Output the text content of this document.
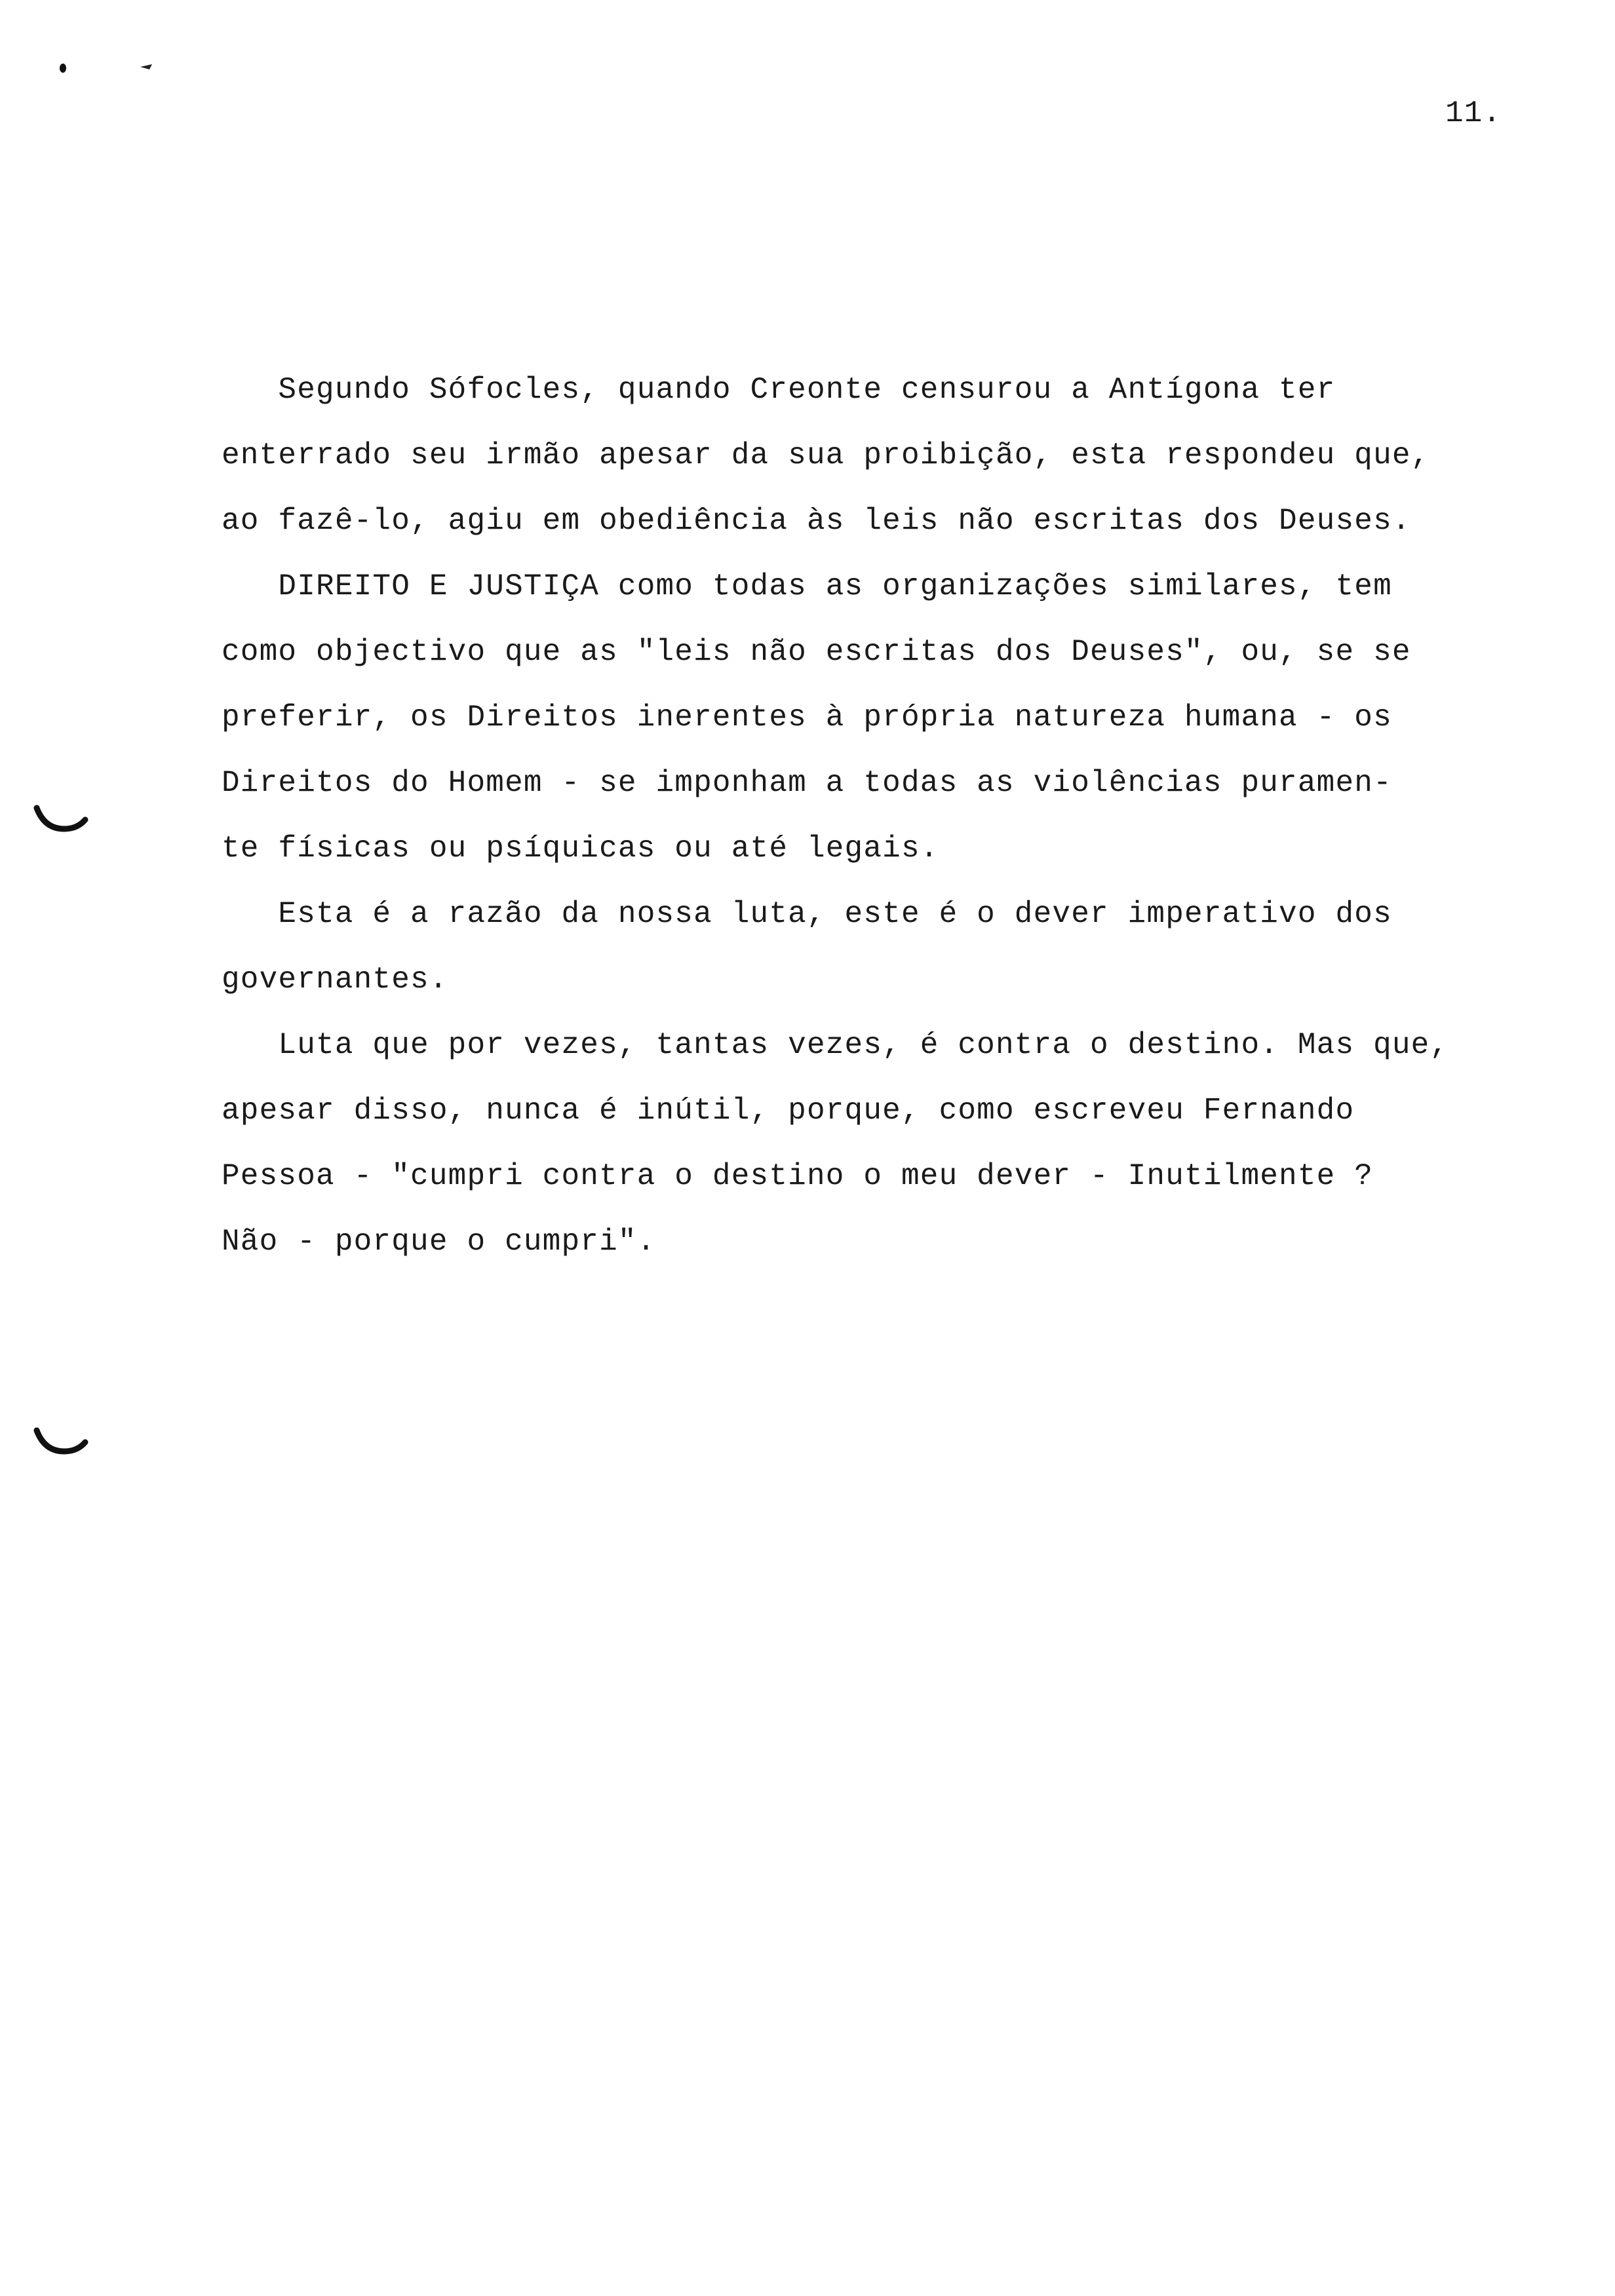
11.
Segundo Sófocles, quando Creonte censurou a Antígona ter
enterrado seu irmão apesar da sua proibição, esta respondeu que,
ao fazê-lo, agiu em obediência às leis não escritas dos Deuses.
DIREITO E JUSTIÇA como todas as organizações similares, tem
como objectivo que as "leis não escritas dos Deuses", ou, se se
preferir, os Direitos inerentes à própria natureza humana - os
Direitos do Homem - se imponham a todas as violências puramen-
te físicas ou psíquicas ou até legais.
Esta é a razão da nossa luta, este é o dever imperativo dos
governantes.
Luta que por vezes, tantas vezes, é contra o destino. Mas que,
apesar disso, nunca é inútil, porque, como escreveu Fernando
Pessoa - "cumpri contra o destino o meu dever - Inutilmente ?
Não - porque o cumpri".
